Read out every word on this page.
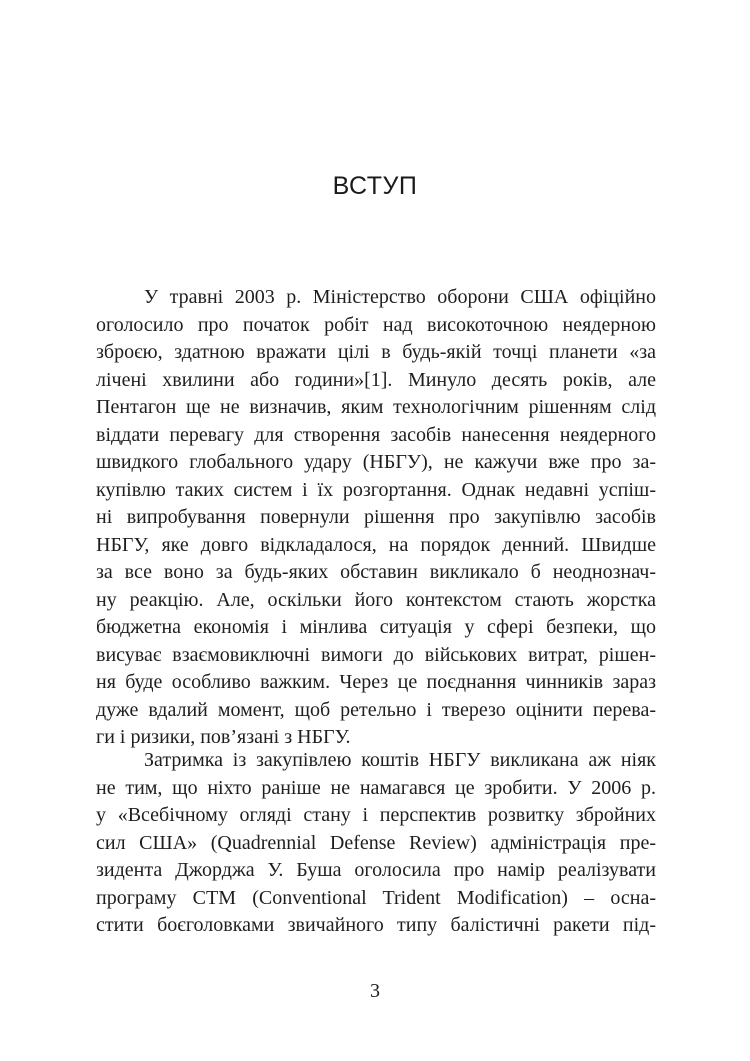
ВСТУП
У травні 2003 р. Міністерство оборони США офіційно
оголосило про початок робіт над високоточною неядерною
зброєю, здатною вражати цілі в будь-якій точці планети «за
лічені хвилини або години»[1]. Минуло десять років, але
Пентагон ще не визначив, яким технологічним рішенням слід
віддати перевагу для створення засобів нанесення неядерного
швидкого глобального удару (НБГУ), не кажучи вже про за-
купівлю таких систем і їх розгортання. Однак недавні успіш-
ні випробування повернули рішення про закупівлю засобів
НБГУ, яке довго відкладалося, на порядок денний. Швидше
за все воно за будь-яких обставин викликало б неоднознач-
ну реакцію. Але, оскільки його контекстом стають жорстка
бюджетна економія і мінлива ситуація у сфері безпеки, що
висуває взаємовиключні вимоги до військових витрат, рішен-
ня буде особливо важким. Через це поєднання чинників зараз
дуже вдалий момент, щоб ретельно і тверезо оцінити перева-
ги і ризики, пов’язані з НБГУ.
Затримка із закупівлею коштів НБГУ викликана аж ніяк
не тим, що ніхто раніше не намагався це зробити. У 2006 р.
у «Всебічному огляді стану і перспектив розвитку збройних
сил США» (Quadrennial Defense Review) адміністрація пре-
зидента Джорджа У. Буша оголосила про намір реалізувати
програму CTM (Conventional Trident Modification) – осна-
стити боєголовками звичайного типу балістичні ракети під-
3
